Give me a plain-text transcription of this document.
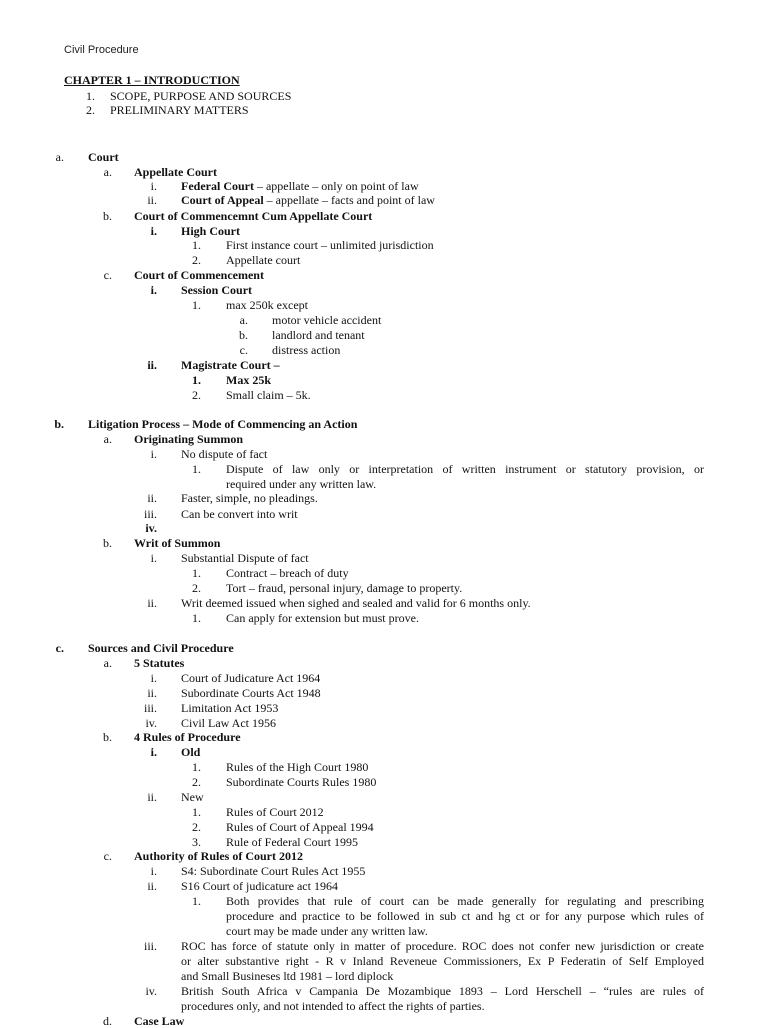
Civil Procedure
CHAPTER 1 – INTRODUCTION
1. SCOPE, PURPOSE AND SOURCES
2. PRELIMINARY MATTERS
a. Court
a. Appellate Court
i. Federal Court – appellate – only on point of law
ii. Court of Appeal – appellate – facts and point of law
b. Court of Commencemnt Cum Appellate Court
i. High Court
1. First instance court – unlimited jurisdiction
2. Appellate court
c. Court of Commencement
i. Session Court
1. max 250k except
a. motor vehicle accident
b. landlord and tenant
c. distress action
ii. Magistrate Court –
1. Max 25k
2. Small claim – 5k.
b. Litigation Process – Mode of Commencing an Action
a. Originating Summon
i. No dispute of fact
1. Dispute of law only or interpretation of written instrument or statutory provision, or
required under any written law.
ii. Faster, simple, no pleadings.
iii. Can be convert into writ
iv.
b. Writ of Summon
i. Substantial Dispute of fact
1. Contract – breach of duty
2. Tort – fraud, personal injury, damage to property.
ii. Writ deemed issued when sighed and sealed and valid for 6 months only.
1. Can apply for extension but must prove.
c. Sources and Civil Procedure
a. 5 Statutes
i. Court of Judicature Act 1964
ii. Subordinate Courts Act 1948
iii. Limitation Act 1953
iv. Civil Law Act 1956
b. 4 Rules of Procedure
i. Old
1. Rules of the High Court 1980
2. Subordinate Courts Rules 1980
ii. New
1. Rules of Court 2012
2. Rules of Court of Appeal 1994
3. Rule of Federal Court 1995
c. Authority of Rules of Court 2012
i. S4: Subordinate Court Rules Act 1955
ii. S16 Court of judicature act 1964
1. Both provides that rule of court can be made generally for regulating and prescribing
procedure and practice to be followed in sub ct and hg ct or for any purpose which rules of
court may be made under any written law.
iii. ROC has force of statute only in matter of procedure. ROC does not confer new jurisdiction or create
or alter substantive right - R v Inland Reveneue Commissioners, Ex P Federatin of Self Employed
and Small Busineses ltd 1981 – lord diplock
iv. British South Africa v Campania De Mozambique 1893 – Lord Herschell – “rules are rules of
procedures only, and not intended to affect the rights of parties.
d. Case Law
